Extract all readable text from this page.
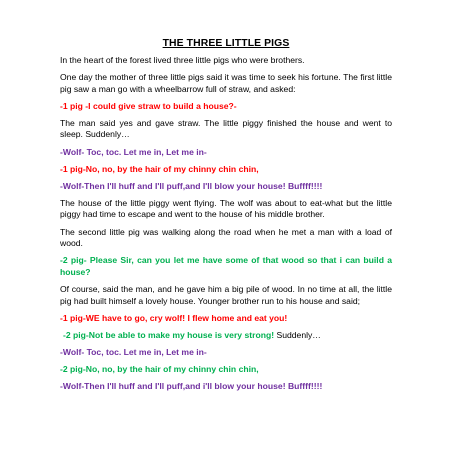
THE THREE LITTLE PIGS

In the heart of the forest lived three little pigs who were brothers.

One day the mother of three little pigs said it was time to seek his fortune. The first little pig saw a man go with a wheelbarrow full of straw, and asked:

-1 pig -I could give straw to build a house?-

The man said yes and gave straw. The little piggy finished the house and went to sleep. Suddenly…

-Wolf- Toc, toc. Let me in, Let me in-

-1 pig-No, no, by the hair of my chinny chin chin,

-Wolf-Then I'll huff and I'll puff,and I'll blow your house! Buffff!!!!

The house of the little piggy went flying. The wolf was about to eat-what but the little piggy had time to escape and went to the house of his middle brother.

The second little pig was walking along the road when he met a man with a load of wood.

-2 pig- Please Sir, can you let me have some of that wood so that i can build a house?

Of course, said the man, and he gave him a big pile of wood. In no time at all, the little pig had built himself a lovely house. Younger brother run to his house and said;

-1 pig-WE have to go, cry wolf! I flew home and eat you!

-2 pig-Not be able to make my house is very strong! Suddenly…

-Wolf- Toc, toc. Let me in, Let me in-

-2 pig-No, no, by the hair of my chinny chin chin,

-Wolf-Then I'll huff and I'll puff,and i'll blow your house! Buffff!!!!
